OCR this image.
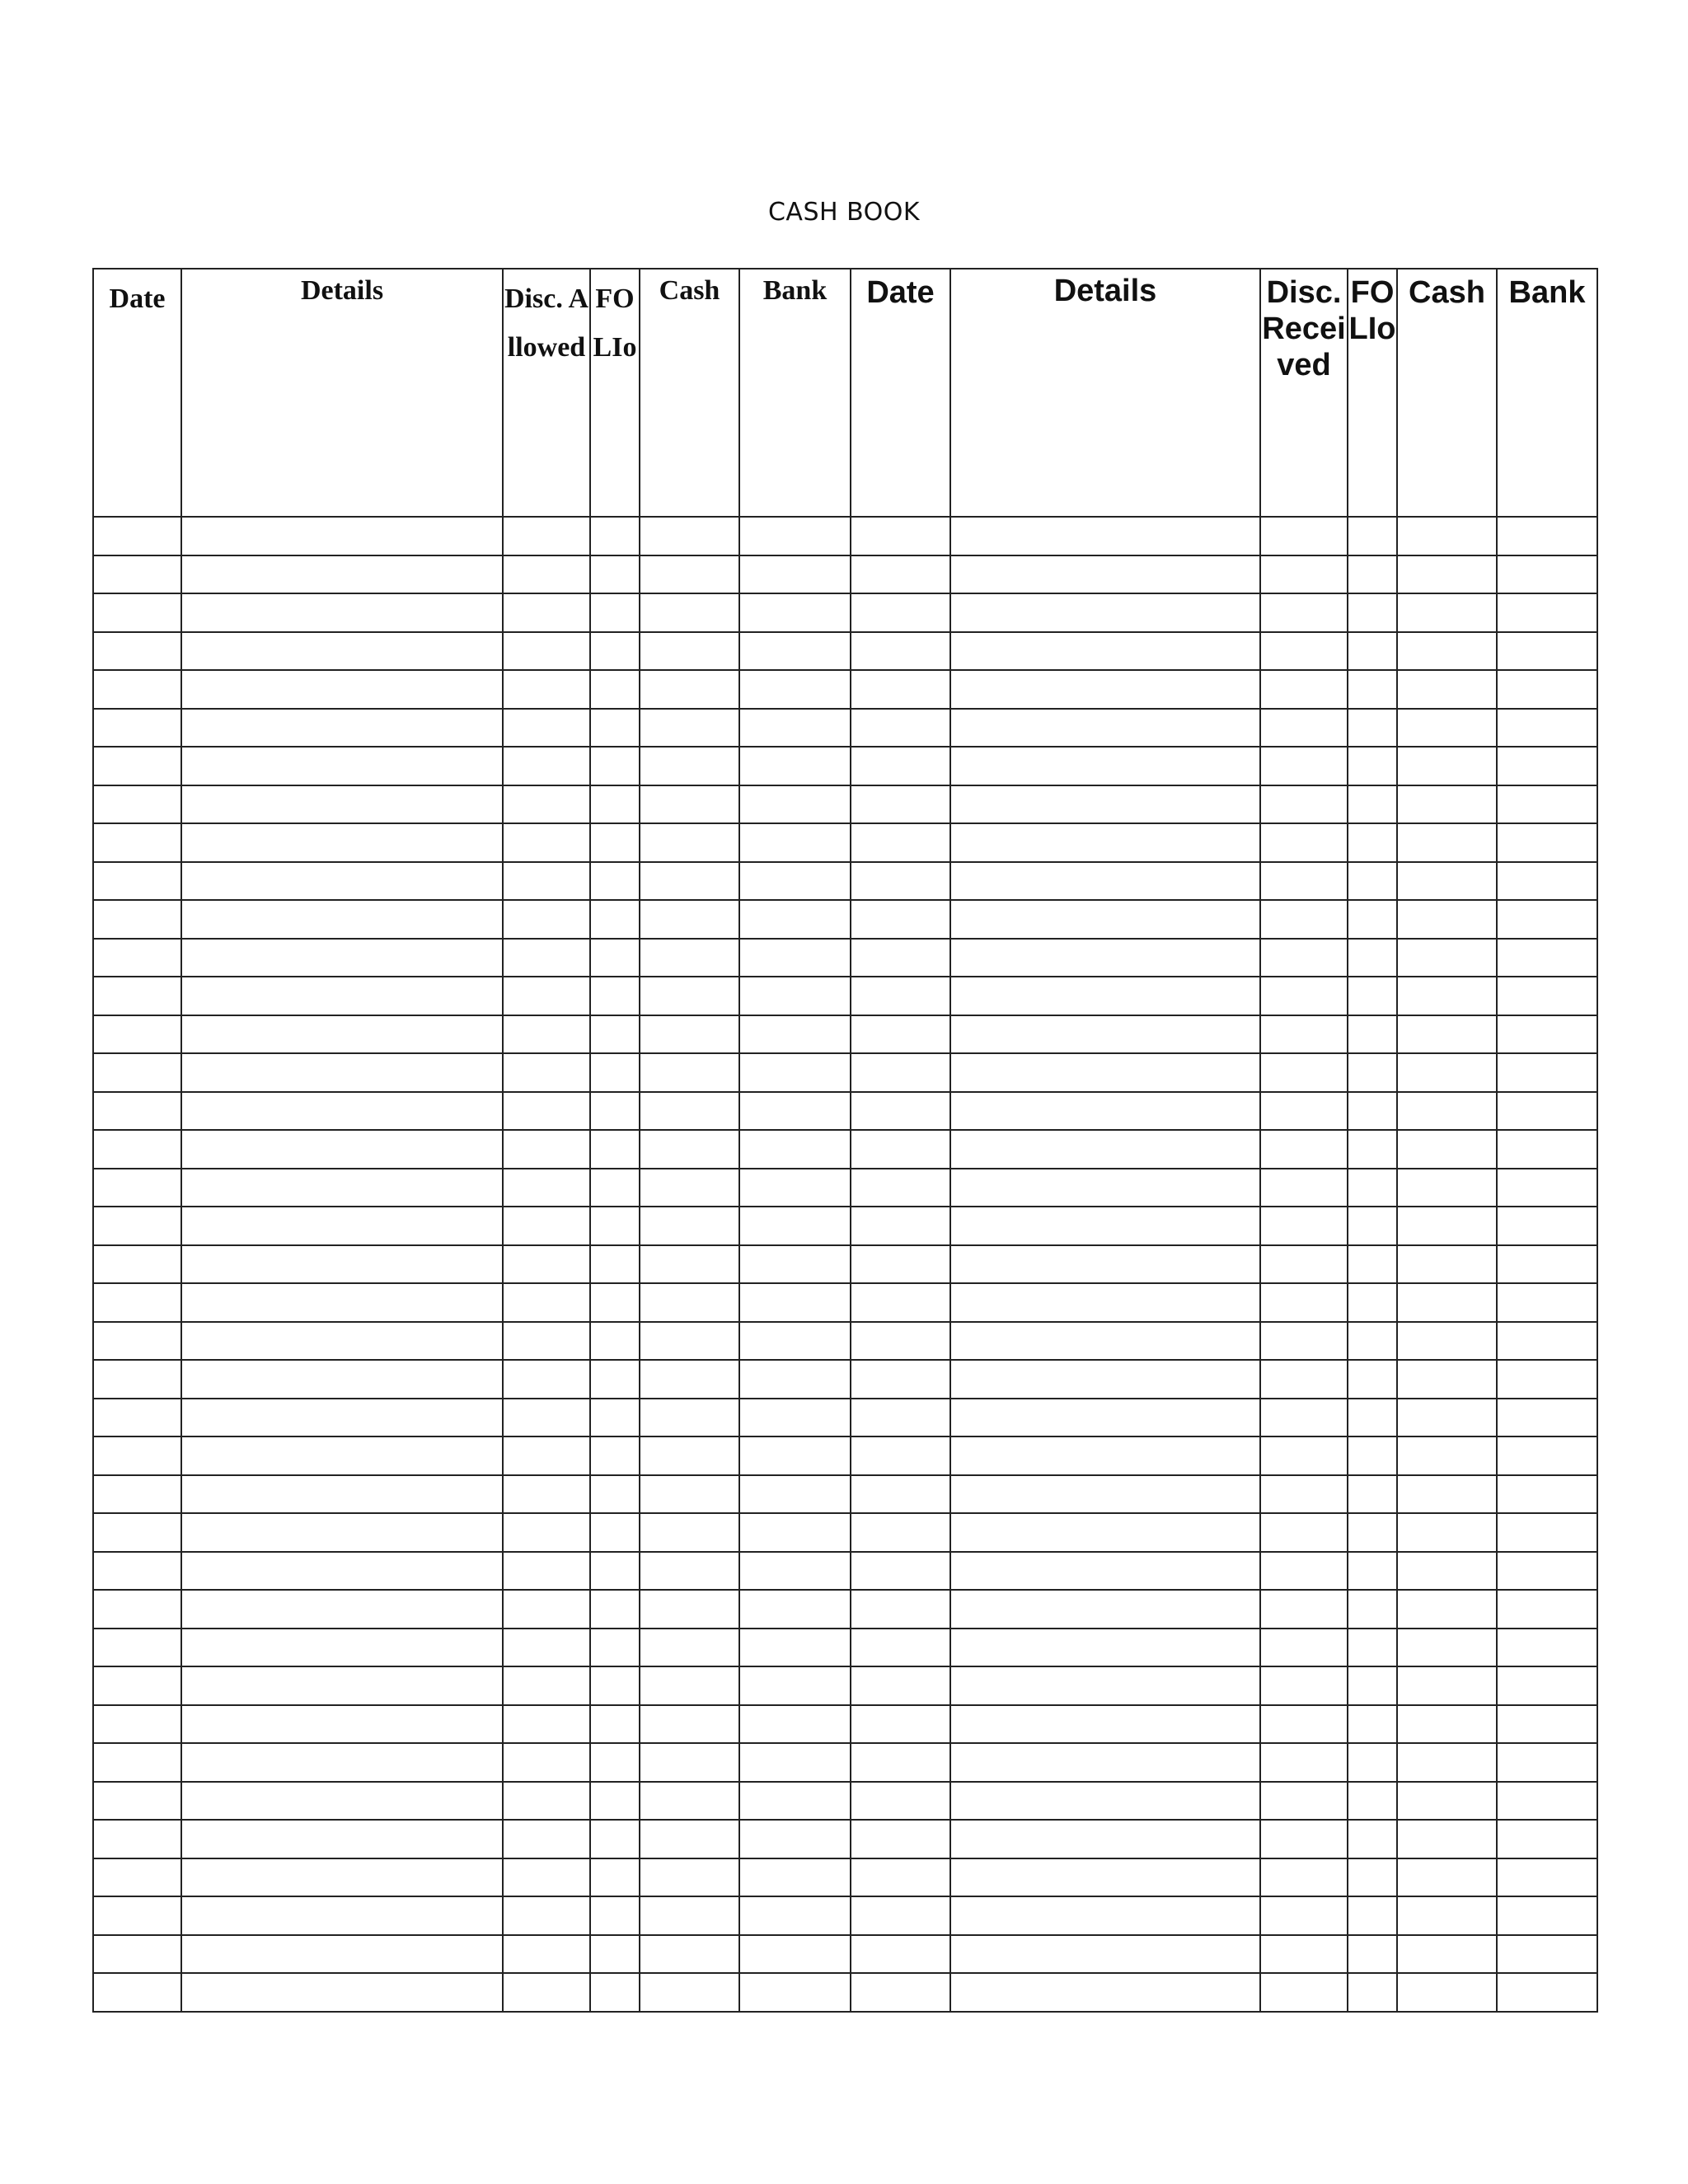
CASH BOOK
Date	Details	Disc. Allowed	FOLIo	Cash	Bank	Date	Details	Disc. Received	FOLIo	Cash	Bank
